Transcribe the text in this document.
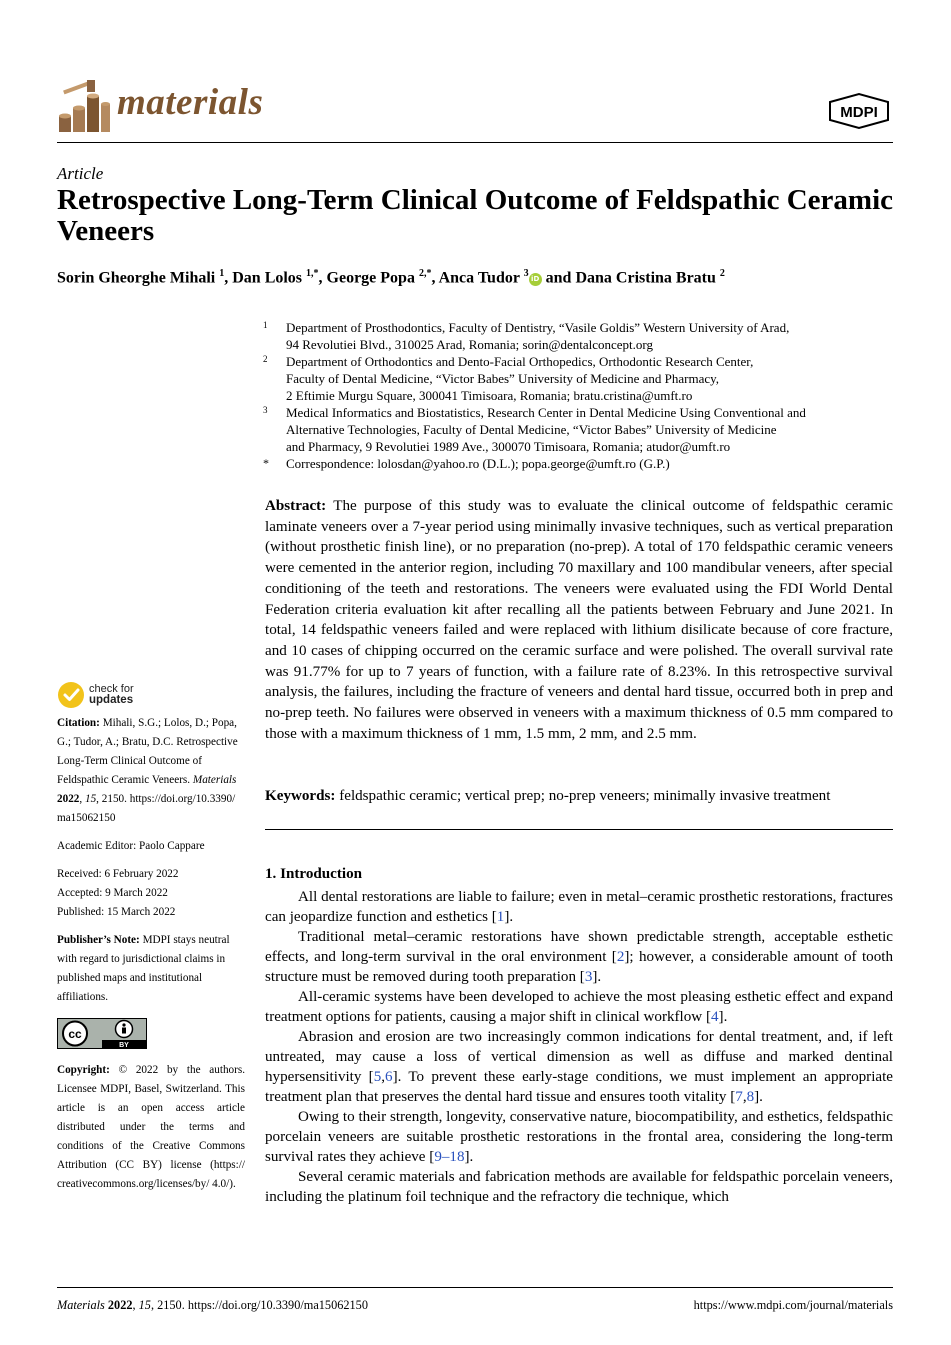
materials	MDPI
Article
Retrospective Long-Term Clinical Outcome of Feldspathic Ceramic Veneers
Sorin Gheorghe Mihali $^1$, Dan Lolos $^{1,*}$, George Popa $^{2,*}$, Anca Tudor $^3$iD and Dana Cristina Bratu $^2$
1	Department of Prosthodontics, Faculty of Dentistry, “Vasile Goldis” Western University of Arad,
94 Revolutiei Blvd., 310025 Arad, Romania; sorin@dentalconcept.org
2	Department of Orthodontics and Dento-Facial Orthopedics, Orthodontic Research Center,
Faculty of Dental Medicine, “Victor Babes” University of Medicine and Pharmacy,
2 Eftimie Murgu Square, 300041 Timisoara, Romania; bratu.cristina@umft.ro
3	Medical Informatics and Biostatistics, Research Center in Dental Medicine Using Conventional and
Alternative Technologies, Faculty of Dental Medicine, “Victor Babes” University of Medicine
and Pharmacy, 9 Revolutiei 1989 Ave., 300070 Timisoara, Romania; atudor@umft.ro
*	Correspondence: lolosdan@yahoo.ro (D.L.); popa.george@umft.ro (G.P.)
Abstract: The purpose of this study was to evaluate the clinical outcome of feldspathic ceramic laminate veneers over a 7-year period using minimally invasive techniques, such as vertical preparation (without prosthetic finish line), or no preparation (no-prep). A total of 170 feldspathic ceramic veneers were cemented in the anterior region, including 70 maxillary and 100 mandibular veneers, after special conditioning of the teeth and restorations. The veneers were evaluated using the FDI World Dental Federation criteria evaluation kit after recalling all the patients between February and June 2021. In total, 14 feldspathic veneers failed and were replaced with lithium disilicate because of core fracture, and 10 cases of chipping occurred on the ceramic surface and were polished. The overall survival rate was 91.77% for up to 7 years of function, with a failure rate of 8.23%. In this retrospective survival analysis, the failures, including the fracture of veneers and dental hard tissue, occurred both in prep and no-prep teeth. No failures were observed in veneers with a maximum thickness of 0.5 mm compared to those with a maximum thickness of 1 mm, 1.5 mm, 2 mm, and 2.5 mm.
Keywords: feldspathic ceramic; vertical prep; no-prep veneers; minimally invasive treatment
check for
updates
Citation: Mihali, S.G.; Lolos, D.; Popa, G.; Tudor, A.; Bratu, D.C. Retrospective Long-Term Clinical Outcome of Feldspathic Ceramic Veneers. Materials 2022, 15, 2150. https://doi.org/10.3390/ ma15062150
Academic Editor: Paolo Cappare
Received: 6 February 2022
Accepted: 9 March 2022
Published: 15 March 2022
Publisher’s Note: MDPI stays neutral with regard to jurisdictional claims in published maps and institutional affiliations.
cc
BY
Copyright: © 2022 by the authors. Licensee MDPI, Basel, Switzerland. This article is an open access article distributed under the terms and conditions of the Creative Commons Attribution (CC BY) license (https:// creativecommons.org/licenses/by/ 4.0/).
1. Introduction

All dental restorations are liable to failure; even in metal–ceramic prosthetic restorations, fractures can jeopardize function and esthetics [1].

Traditional metal–ceramic restorations have shown predictable strength, acceptable esthetic effects, and long-term survival in the oral environment [2]; however, a considerable amount of tooth structure must be removed during tooth preparation [3].

All-ceramic systems have been developed to achieve the most pleasing esthetic effect and expand treatment options for patients, causing a major shift in clinical workflow [4].

Abrasion and erosion are two increasingly common indications for dental treatment, and, if left untreated, may cause a loss of vertical dimension as well as diffuse and marked dentinal hypersensitivity [5,6]. To prevent these early-stage conditions, we must implement an appropriate treatment plan that preserves the dental hard tissue and ensures tooth vitality [7,8].

Owing to their strength, longevity, conservative nature, biocompatibility, and esthetics, feldspathic porcelain veneers are suitable prosthetic restorations in the frontal area, considering the long-term survival rates they achieve [9–18].

Several ceramic materials and fabrication methods are available for feldspathic porcelain veneers, including the platinum foil technique and the refractory die technique, which

Materials 2022, 15, 2150. https://doi.org/10.3390/ma15062150	https://www.mdpi.com/journal/materials
